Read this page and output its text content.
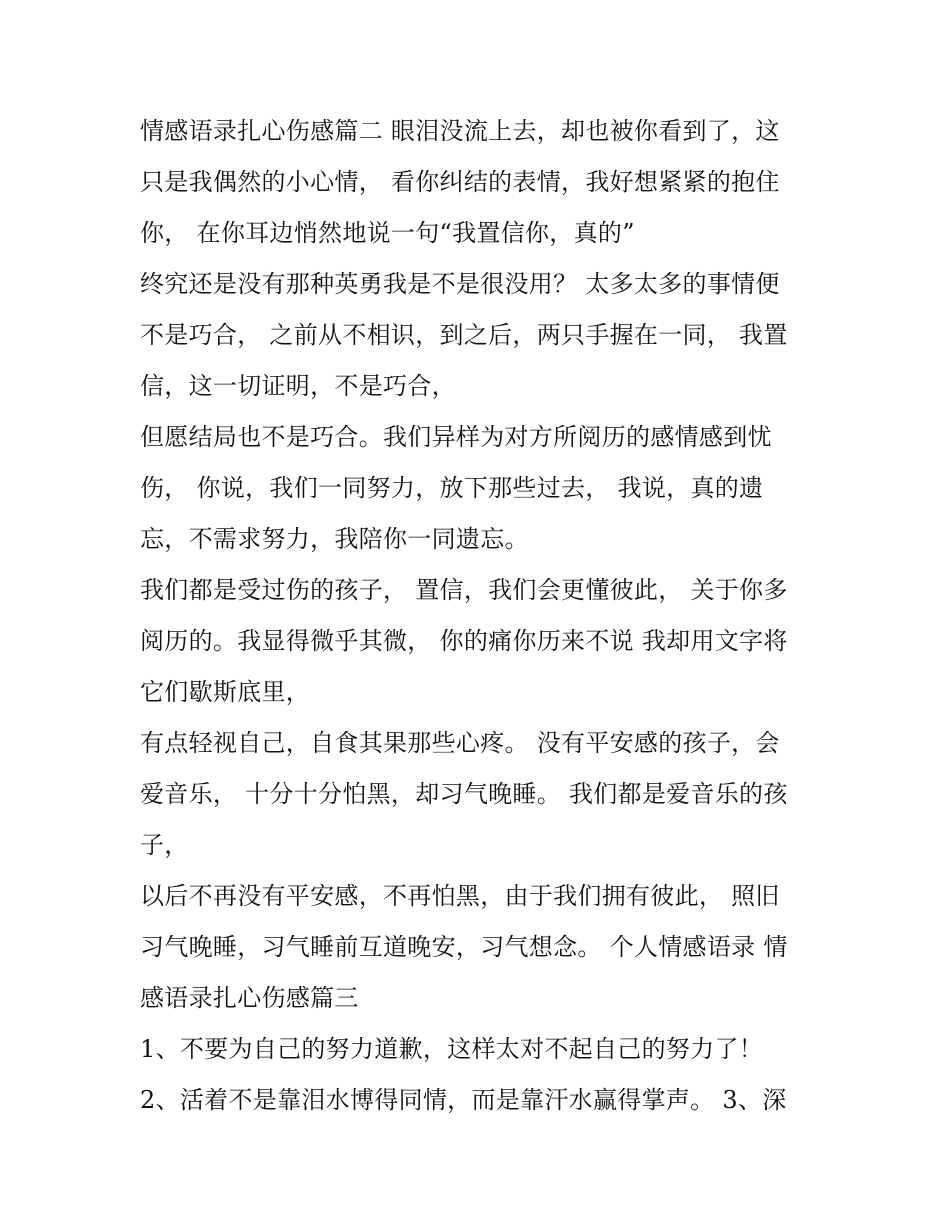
情感语录扎心伤感篇二 眼泪没流上去，却也被你看到了，这
只是我偶然的小心情， 看你纠结的表情，我好想紧紧的抱住
你， 在你耳边悄然地说一句“我置信你，真的”
终究还是没有那种英勇我是不是很没用？ 太多太多的事情便
不是巧合， 之前从不相识，到之后，两只手握在一同， 我置
信，这一切证明，不是巧合，
但愿结局也不是巧合。我们异样为对方所阅历的感情感到忧
伤， 你说，我们一同努力，放下那些过去， 我说，真的遗
忘，不需求努力，我陪你一同遗忘。
我们都是受过伤的孩子， 置信，我们会更懂彼此， 关于你多
阅历的。我显得微乎其微， 你的痛你历来不说 我却用文字将
它们歇斯底里，
有点轻视自己，自食其果那些心疼。 没有平安感的孩子，会
爱音乐， 十分十分怕黑，却习气晚睡。 我们都是爱音乐的孩
子，
以后不再没有平安感，不再怕黑，由于我们拥有彼此， 照旧
习气晚睡，习气睡前互道晚安，习气想念。 个人情感语录 情
感语录扎心伤感篇三
1、不要为自己的努力道歉，这样太对不起自己的努力了！
2、活着不是靠泪水博得同情，而是靠汗水赢得掌声。 3、深
